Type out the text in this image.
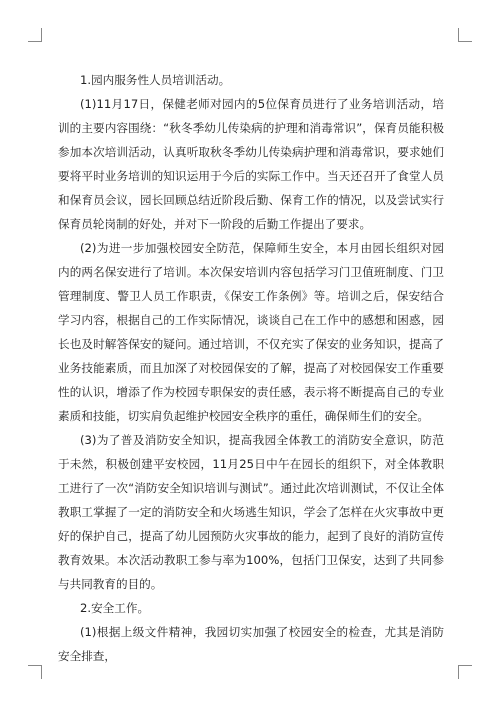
1.园内服务性人员培训活动。

(1)11月17日，保健老师对园内的5位保育员进行了业务培训活动，培训的主要内容围绕：“秋冬季幼儿传染病的护理和消毒常识”，保育员能积极参加本次培训活动，认真听取秋冬季幼儿传染病护理和消毒常识，要求她们要将平时业务培训的知识运用于今后的实际工作中。当天还召开了食堂人员和保育员会议，园长回顾总结近阶段后勤、保育工作的情况，以及尝试实行保育员轮岗制的好处，并对下一阶段的后勤工作提出了要求。

(2)为进一步加强校园安全防范，保障师生安全，本月由园长组织对园内的两名保安进行了培训。本次保安培训内容包括学习门卫值班制度、门卫管理制度、警卫人员工作职责，《保安工作条例》等。培训之后，保安结合学习内容，根据自己的工作实际情况，谈谈自己在工作中的感想和困惑，园长也及时解答保安的疑问。通过培训，不仅充实了保安的业务知识，提高了业务技能素质，而且加深了对校园保安的了解，提高了对校园保安工作重要性的认识，增添了作为校园专职保安的责任感，表示将不断提高自己的专业素质和技能，切实肩负起维护校园安全秩序的重任，确保师生们的安全。

(3)为了普及消防安全知识，提高我园全体教工的消防安全意识，防范于未然，积极创建平安校园，11月25日中午在园长的组织下，对全体教职工进行了一次“消防安全知识培训与测试”。通过此次培训测试，不仅让全体教职工掌握了一定的消防安全和火场逃生知识，学会了怎样在火灾事故中更好的保护自己，提高了幼儿园预防火灾事故的能力，起到了良好的消防宣传教育效果。本次活动教职工参与率为100%，包括门卫保安，达到了共同参与共同教育的目的。

2.安全工作。

(1)根据上级文件精神，我园切实加强了校园安全的检查，尤其是消防安全排查，
